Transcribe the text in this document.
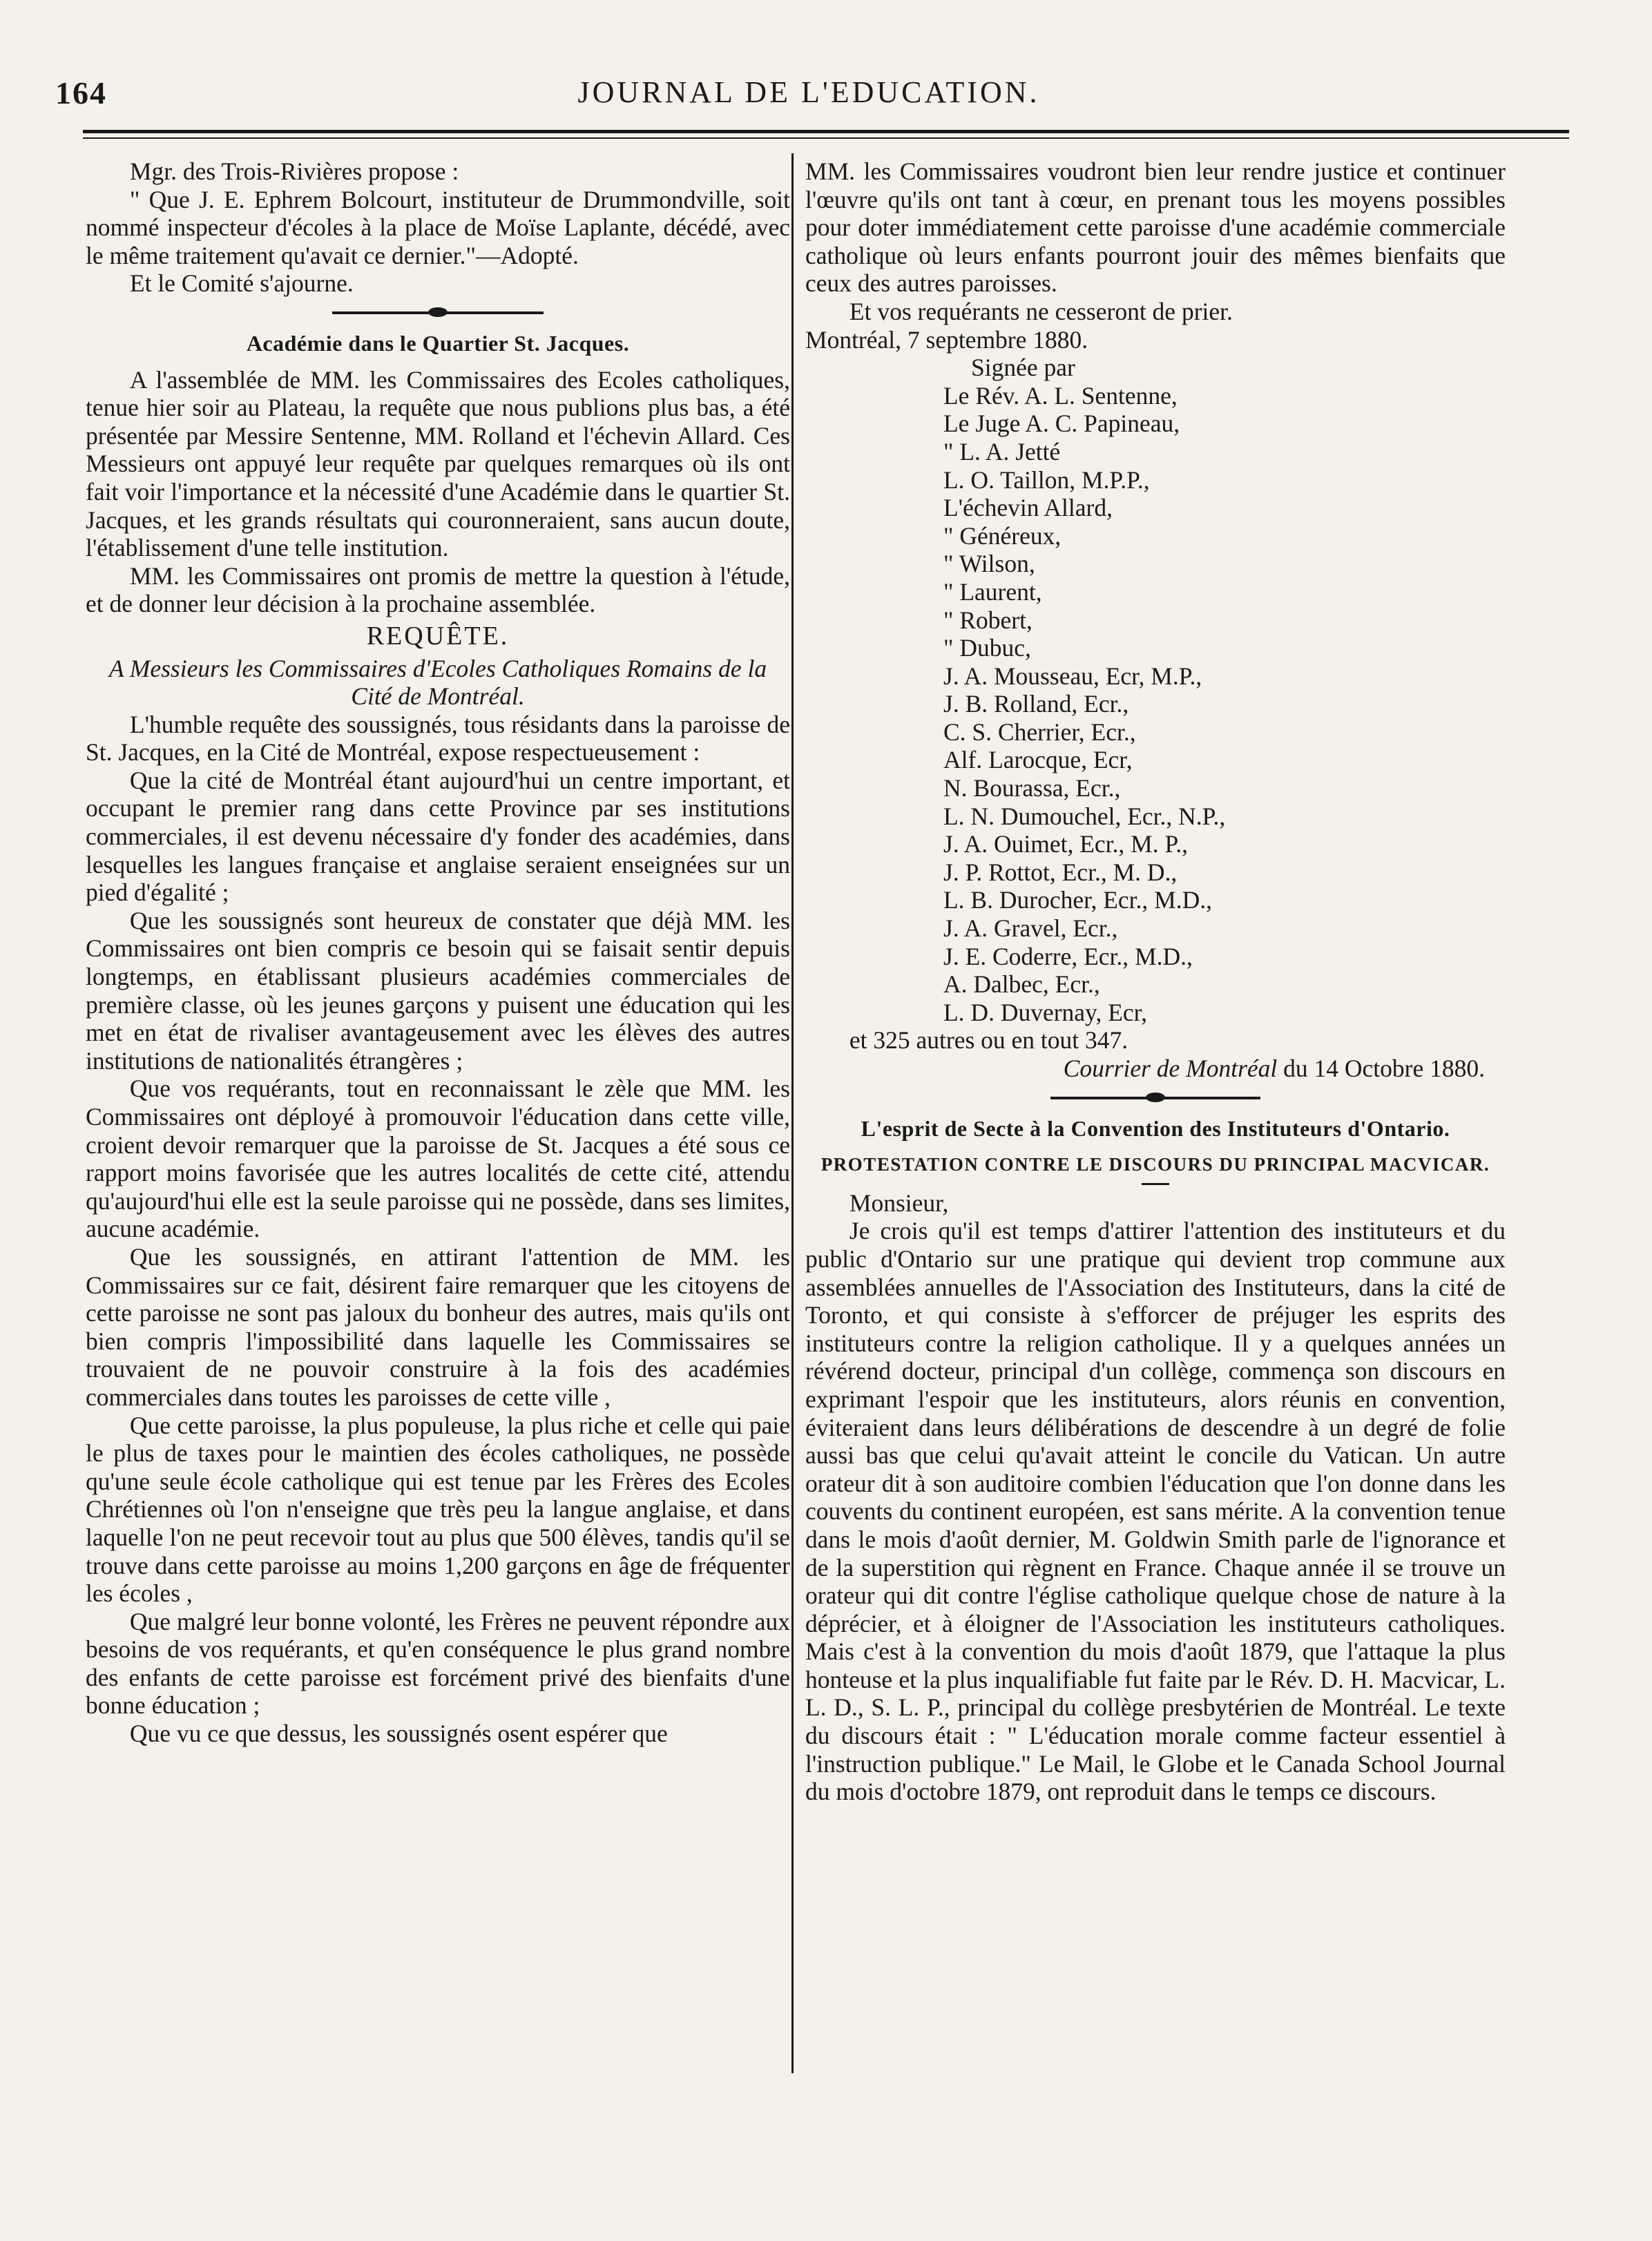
164	JOURNAL DE L'EDUCATION.

Mgr. des Trois-Rivières propose :

" Que J. E. Ephrem Bolcourt, instituteur de Drummondville, soit nommé inspecteur d'écoles à la place de Moïse Laplante, décédé, avec le même traitement qu'avait ce dernier."—Adopté.

Et le Comité s'ajourne.

Académie dans le Quartier St. Jacques.

A l'assemblée de MM. les Commissaires des Ecoles catholiques, tenue hier soir au Plateau, la requête que nous publions plus bas, a été présentée par Messire Sentenne, MM. Rolland et l'échevin Allard. Ces Messieurs ont appuyé leur requête par quelques remarques où ils ont fait voir l'importance et la nécessité d'une Académie dans le quartier St. Jacques, et les grands résultats qui couronneraient, sans aucun doute, l'établissement d'une telle institution.

MM. les Commissaires ont promis de mettre la question à l'étude, et de donner leur décision à la prochaine assemblée.

REQUÊTE.

A Messieurs les Commissaires d'Ecoles Catholiques Romains de la Cité de Montréal.

L'humble requête des soussignés, tous résidants dans la paroisse de St. Jacques, en la Cité de Montréal, expose respectueusement :

Que la cité de Montréal étant aujourd'hui un centre important, et occupant le premier rang dans cette Province par ses institutions commerciales, il est devenu nécessaire d'y fonder des académies, dans lesquelles les langues française et anglaise seraient enseignées sur un pied d'égalité ;

Que les soussignés sont heureux de constater que déjà MM. les Commissaires ont bien compris ce besoin qui se faisait sentir depuis longtemps, en établissant plusieurs académies commerciales de première classe, où les jeunes garçons y puisent une éducation qui les met en état de rivaliser avantageusement avec les élèves des autres institutions de nationalités étrangères ;

Que vos requérants, tout en reconnaissant le zèle que MM. les Commissaires ont déployé à promouvoir l'éducation dans cette ville, croient devoir remarquer que la paroisse de St. Jacques a été sous ce rapport moins favorisée que les autres localités de cette cité, attendu qu'aujourd'hui elle est la seule paroisse qui ne possède, dans ses limites, aucune académie.

Que les soussignés, en attirant l'attention de MM. les Commissaires sur ce fait, désirent faire remarquer que les citoyens de cette paroisse ne sont pas jaloux du bonheur des autres, mais qu'ils ont bien compris l'impossibilité dans laquelle les Commissaires se trouvaient de ne pouvoir construire à la fois des académies commerciales dans toutes les paroisses de cette ville ,

Que cette paroisse, la plus populeuse, la plus riche et celle qui paie le plus de taxes pour le maintien des écoles catholiques, ne possède qu'une seule école catholique qui est tenue par les Frères des Ecoles Chrétiennes où l'on n'enseigne que très peu la langue anglaise, et dans laquelle l'on ne peut recevoir tout au plus que 500 élèves, tandis qu'il se trouve dans cette paroisse au moins 1,200 garçons en âge de fréquenter les écoles ,

Que malgré leur bonne volonté, les Frères ne peuvent répondre aux besoins de vos requérants, et qu'en conséquence le plus grand nombre des enfants de cette paroisse est forcément privé des bienfaits d'une bonne éducation ;

Que vu ce que dessus, les soussignés osent espérer que

MM. les Commissaires voudront bien leur rendre justice et continuer l'œuvre qu'ils ont tant à cœur, en prenant tous les moyens possibles pour doter immédiatement cette paroisse d'une académie commerciale catholique où leurs enfants pourront jouir des mêmes bienfaits que ceux des autres paroisses.

Et vos requérants ne cesseront de prier.

Montréal, 7 septembre 1880.

Signée par

Le Rév. A. L. Sentenne,

Le Juge A. C. Papineau,

" L. A. Jetté

L. O. Taillon, M.P.P.,

L'échevin Allard,

" Généreux,

" Wilson,

" Laurent,

" Robert,

" Dubuc,

J. A. Mousseau, Ecr, M.P.,

J. B. Rolland, Ecr.,

C. S. Cherrier, Ecr.,

Alf. Larocque, Ecr,

N. Bourassa, Ecr.,

L. N. Dumouchel, Ecr., N.P.,

J. A. Ouimet, Ecr., M. P.,

J. P. Rottot, Ecr., M. D.,

L. B. Durocher, Ecr., M.D.,

J. A. Gravel, Ecr.,

J. E. Coderre, Ecr., M.D.,

A. Dalbec, Ecr.,

L. D. Duvernay, Ecr,

et 325 autres ou en tout 347.

Courrier de Montréal du 14 Octobre 1880.

L'esprit de Secte à la Convention des Instituteurs d'Ontario.

PROTESTATION CONTRE LE DISCOURS DU PRINCIPAL MACVICAR.

Monsieur,

Je crois qu'il est temps d'attirer l'attention des instituteurs et du public d'Ontario sur une pratique qui devient trop commune aux assemblées annuelles de l'Association des Instituteurs, dans la cité de Toronto, et qui consiste à s'efforcer de préjuger les esprits des instituteurs contre la religion catholique. Il y a quelques années un révérend docteur, principal d'un collège, commença son discours en exprimant l'espoir que les instituteurs, alors réunis en convention, éviteraient dans leurs délibérations de descendre à un degré de folie aussi bas que celui qu'avait atteint le concile du Vatican. Un autre orateur dit à son auditoire combien l'éducation que l'on donne dans les couvents du continent européen, est sans mérite. A la convention tenue dans le mois d'août dernier, M. Goldwin Smith parle de l'ignorance et de la superstition qui règnent en France. Chaque année il se trouve un orateur qui dit contre l'église catholique quelque chose de nature à la déprécier, et à éloigner de l'Association les instituteurs catholiques. Mais c'est à la convention du mois d'août 1879, que l'attaque la plus honteuse et la plus inqualifiable fut faite par le Rév. D. H. Macvicar, L. L. D., S. L. P., principal du collège presbytérien de Montréal. Le texte du discours était : " L'éducation morale comme facteur essentiel à l'instruction publique." Le Mail, le Globe et le Canada School Journal du mois d'octobre 1879, ont reproduit dans le temps ce discours.
